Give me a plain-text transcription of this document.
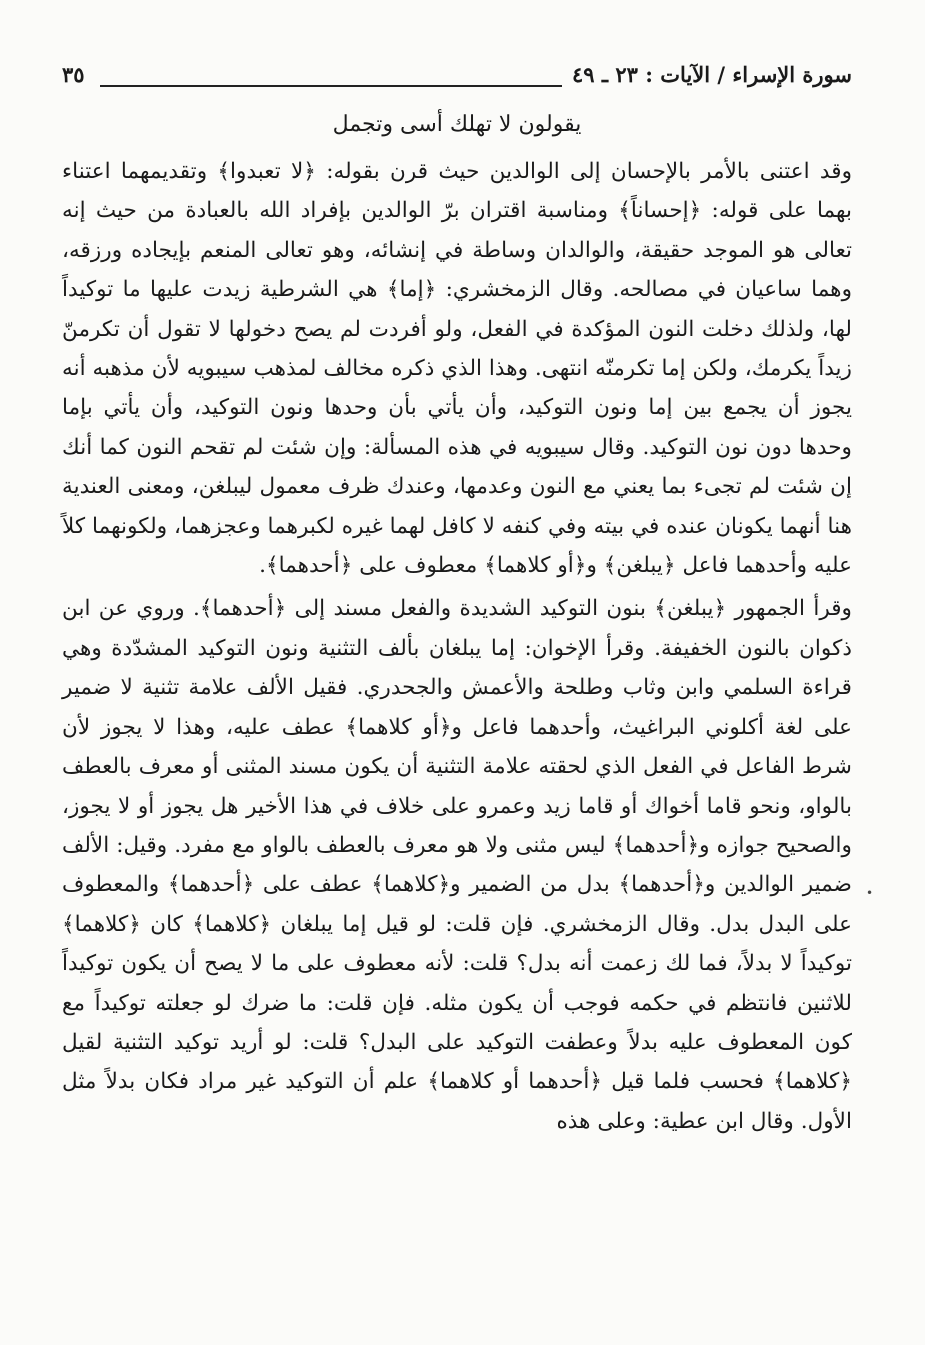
سورة الإسراء / الآيات : ٢٣ ـ ٤٩
٣٥
يقولون لا تهلك أسى وتجمل

وقد اعتنى بالأمر بالإحسان إلى الوالدين حيث قرن بقوله: ﴿لا تعبدوا﴾ وتقديمهما اعتناء بهما على قوله: ﴿إحساناً﴾ ومناسبة اقتران برّ الوالدين بإفراد الله بالعبادة من حيث إنه تعالى هو الموجد حقيقة، والوالدان وساطة في إنشائه، وهو تعالى المنعم بإيجاده ورزقه، وهما ساعيان في مصالحه. وقال الزمخشري: ﴿إما﴾ هي الشرطية زيدت عليها ما توكيداً لها، ولذلك دخلت النون المؤكدة في الفعل، ولو أفردت لم يصح دخولها لا تقول أن تكرمنّ زيداً يكرمك، ولكن إما تكرمنّه انتهى. وهذا الذي ذكره مخالف لمذهب سيبويه لأن مذهبه أنه يجوز أن يجمع بين إما ونون التوكيد، وأن يأتي بأن وحدها ونون التوكيد، وأن يأتي بإما وحدها دون نون التوكيد. وقال سيبويه في هذه المسألة: وإن شئت لم تقحم النون كما أنك إن شئت لم تجىء بما يعني مع النون وعدمها، وعندك ظرف معمول ليبلغن، ومعنى العندية هنا أنهما يكونان عنده في بيته وفي كنفه لا كافل لهما غيره لكبرهما وعجزهما، ولكونهما كلاً عليه وأحدهما فاعل ﴿يبلغن﴾ و﴿أو كلاهما﴾ معطوف على ﴿أحدهما﴾.

وقرأ الجمهور ﴿يبلغن﴾ بنون التوكيد الشديدة والفعل مسند إلى ﴿أحدهما﴾. وروي عن ابن ذكوان بالنون الخفيفة. وقرأ الإخوان: إما يبلغان بألف التثنية ونون التوكيد المشدّدة وهي قراءة السلمي وابن وثاب وطلحة والأعمش والجحدري. فقيل الألف علامة تثنية لا ضمير على لغة أكلوني البراغيث، وأحدهما فاعل و﴿أو كلاهما﴾ عطف عليه، وهذا لا يجوز لأن شرط الفاعل في الفعل الذي لحقته علامة التثنية أن يكون مسند المثنى أو معرف بالعطف بالواو، ونحو قاما أخواك أو قاما زيد وعمرو على خلاف في هذا الأخير هل يجوز أو لا يجوز، والصحيح جوازه و﴿أحدهما﴾ ليس مثنى ولا هو معرف بالعطف بالواو مع مفرد. وقيل: الألف ضمير الوالدين و﴿أحدهما﴾ بدل من الضمير و﴿كلاهما﴾ عطف على ﴿أحدهما﴾ والمعطوف على البدل بدل. وقال الزمخشري. فإن قلت: لو قيل إما يبلغان ﴿كلاهما﴾ كان ﴿كلاهما﴾ توكيداً لا بدلاً، فما لك زعمت أنه بدل؟ قلت: لأنه معطوف على ما لا يصح أن يكون توكيداً للاثنين فانتظم في حكمه فوجب أن يكون مثله. فإن قلت: ما ضرك لو جعلته توكيداً مع كون المعطوف عليه بدلاً وعطفت التوكيد على البدل؟ قلت: لو أريد توكيد التثنية لقيل ﴿كلاهما﴾ فحسب فلما قيل ﴿أحدهما أو كلاهما﴾ علم أن التوكيد غير مراد فكان بدلاً مثل الأول. وقال ابن عطية: وعلى هذه

•
